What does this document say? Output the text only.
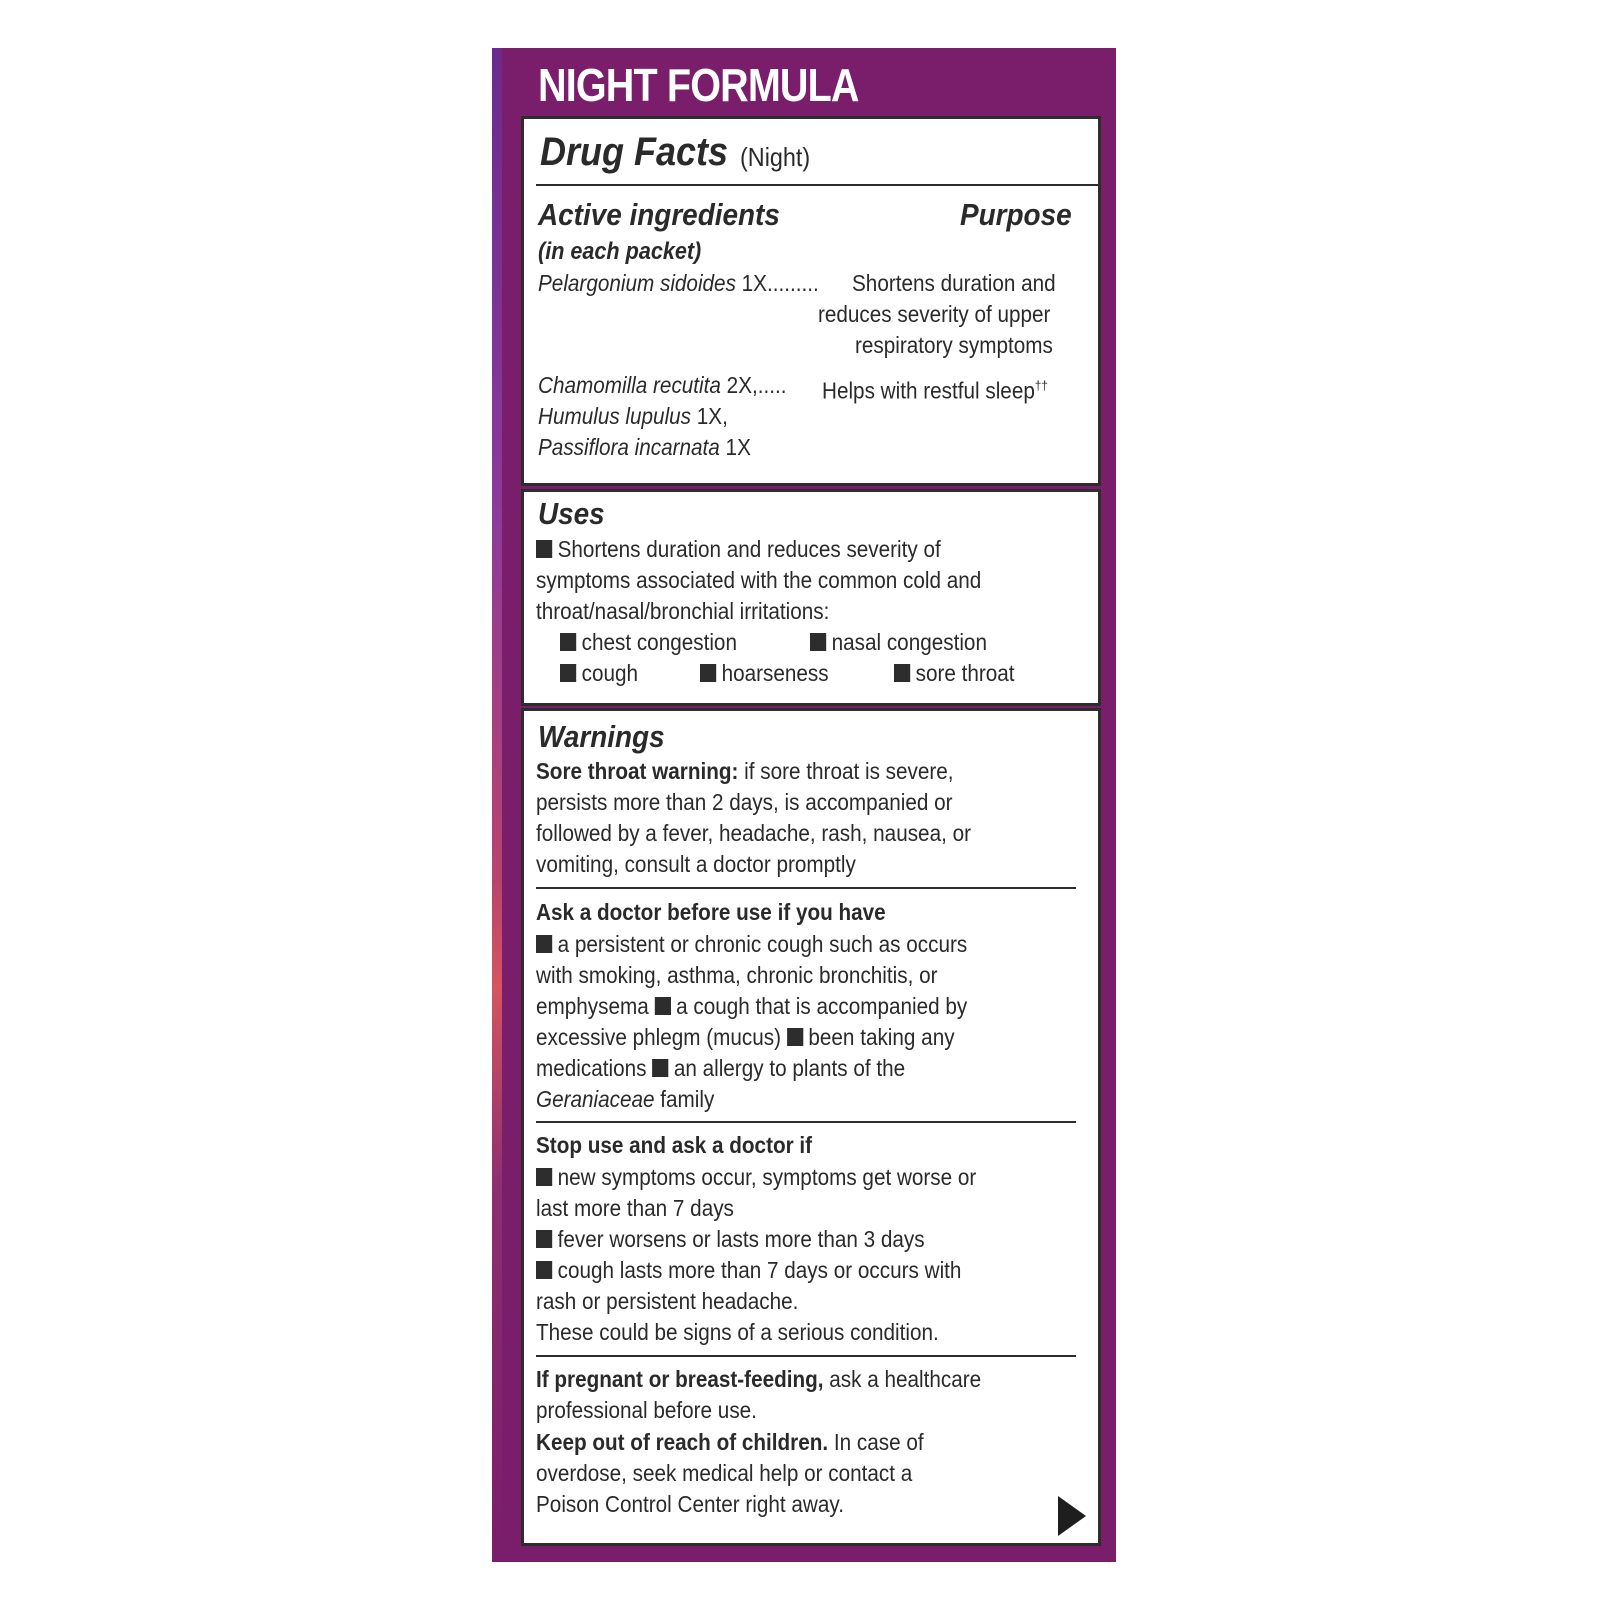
NIGHT FORMULA
Drug Facts (Night)
Active ingredients	Purpose
(in each packet)
Pelargonium sidoides 1X......... Shortens duration and
reduces severity of upper
respiratory symptoms
Chamomilla recutita 2X,..... Helps with restful sleep††
Humulus lupulus 1X,
Passiflora incarnata 1X
Uses
Shortens duration and reduces severity of
symptoms associated with the common cold and
throat/nasal/bronchial irritations:
chest congestion	nasal congestion
cough	hoarseness	sore throat
Warnings
Sore throat warning: if sore throat is severe,
persists more than 2 days, is accompanied or
followed by a fever, headache, rash, nausea, or
vomiting, consult a doctor promptly
Ask a doctor before use if you have
a persistent or chronic cough such as occurs
with smoking, asthma, chronic bronchitis, or
emphysema a cough that is accompanied by
excessive phlegm (mucus) been taking any
medications an allergy to plants of the
Geraniaceae family
Stop use and ask a doctor if
new symptoms occur, symptoms get worse or
last more than 7 days
fever worsens or lasts more than 3 days
cough lasts more than 7 days or occurs with
rash or persistent headache.
These could be signs of a serious condition.
If pregnant or breast-feeding, ask a healthcare
professional before use.
Keep out of reach of children. In case of
overdose, seek medical help or contact a
Poison Control Center right away.
